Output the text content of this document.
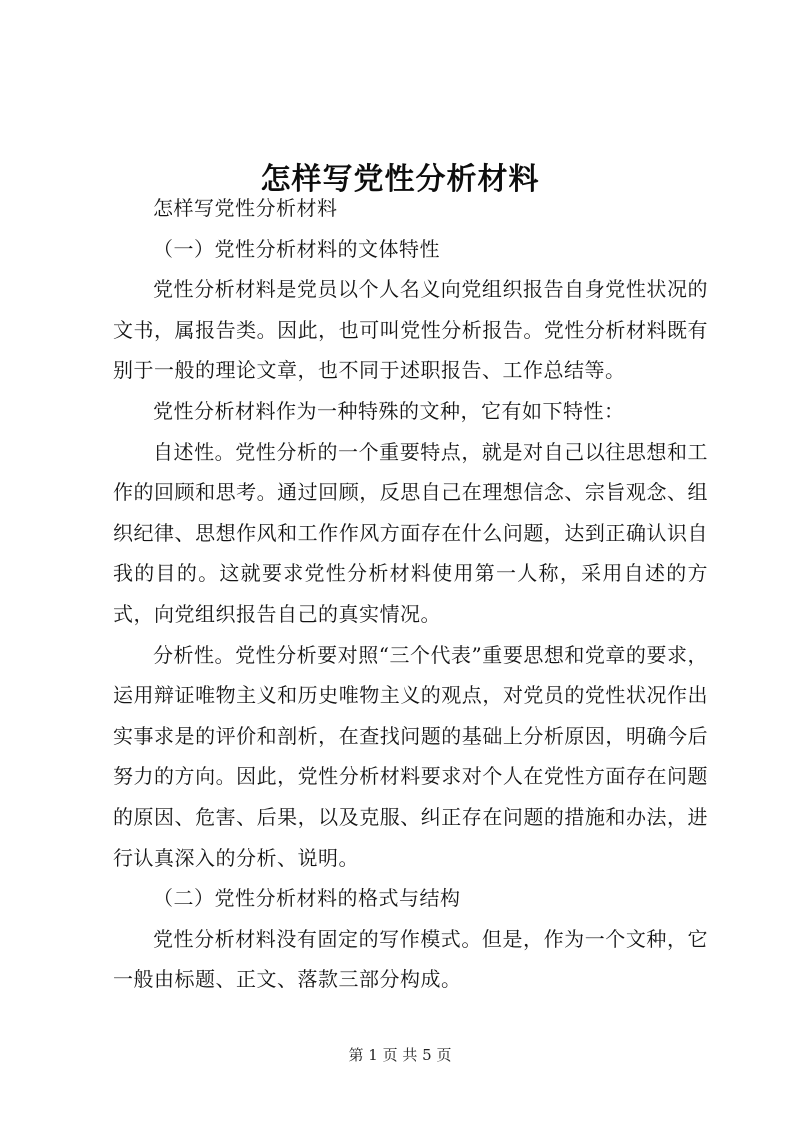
怎样写党性分析材料

怎样写党性分析材料

（一）党性分析材料的文体特性

党性分析材料是党员以个人名义向党组织报告自身党性状况的文书，属报告类。因此，也可叫党性分析报告。党性分析材料既有别于一般的理论文章，也不同于述职报告、工作总结等。

党性分析材料作为一种特殊的文种，它有如下特性：

自述性。党性分析的一个重要特点，就是对自己以往思想和工作的回顾和思考。通过回顾，反思自己在理想信念、宗旨观念、组织纪律、思想作风和工作作风方面存在什么问题，达到正确认识自我的目的。这就要求党性分析材料使用第一人称，采用自述的方式，向党组织报告自己的真实情况。

分析性。党性分析要对照“三个代表”重要思想和党章的要求，运用辩证唯物主义和历史唯物主义的观点，对党员的党性状况作出实事求是的评价和剖析，在查找问题的基础上分析原因，明确今后努力的方向。因此，党性分析材料要求对个人在党性方面存在问题的原因、危害、后果，以及克服、纠正存在问题的措施和办法，进行认真深入的分析、说明。

（二）党性分析材料的格式与结构

党性分析材料没有固定的写作模式。但是，作为一个文种，它一般由标题、正文、落款三部分构成。

第 1 页 共 5 页
